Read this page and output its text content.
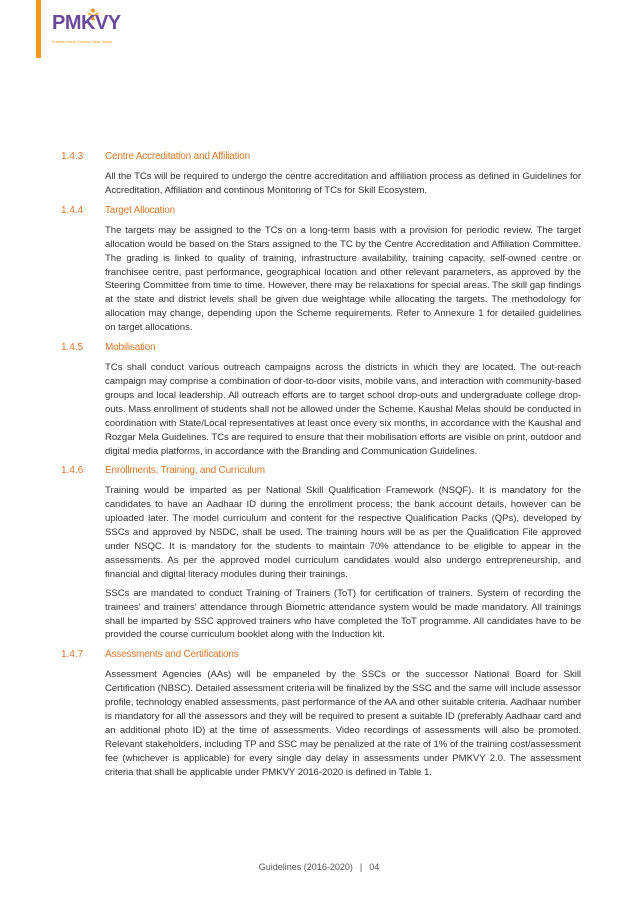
PMKVY
Pradhan Mantri Kaushal Vikas Yojana
1.4.3	Centre Accreditation and Affiliation

All the TCs will be required to undergo the centre accreditation and affiliation process as defined in Guidelines for Accreditation, Affiliation and continous Monitoring of TCs for Skill Ecosystem.

1.4.4	Target Allocation

The targets may be assigned to the TCs on a long-term basis with a provision for periodic review. The target allocation would be based on the Stars assigned to the TC by the Centre Accreditation and Affiliation Committee. The grading is linked to quality of training, infrastructure availability, training capacity, self-owned centre or franchisee centre, past performance, geographical location and other relevant parameters, as approved by the Steering Committee from time to time. However, there may be relaxations for special areas. The skill gap findings at the state and district levels shall be given due weightage while allocating the targets. The methodology for allocation may change, depending upon the Scheme requirements. Refer to Annexure 1 for detailed guidelines on target allocations.

1.4.5	Mobilisation

TCs shall conduct various outreach campaigns across the districts in which they are located. The out-reach campaign may comprise a combination of door-to-door visits, mobile vans, and interaction with community-based groups and local leadership. All outreach efforts are to target school drop-outs and undergraduate college drop-outs. Mass enrollment of students shall not be allowed under the Scheme. Kaushal Melas should be conducted in coordination with State/Local representatives at least once every six months, in accordance with the Kaushal and Rozgar Mela Guidelines. TCs are required to ensure that their mobilisation efforts are visible on print, outdoor and digital media platforms, in accordance with the Branding and Communication Guidelines.

1.4.6	Enrollments, Training, and Curriculum

Training would be imparted as per National Skill Qualification Framework (NSQF). It is mandatory for the candidates to have an Aadhaar ID during the enrollment process; the bank account details, however can be uploaded later. The model curriculum and content for the respective Qualification Packs (QPs), developed by SSCs and approved by NSDC, shall be used. The training hours will be as per the Qualification File approved under NSQC. It is mandatory for the students to maintain 70% attendance to be eligible to appear in the assessments. As per the approved model curriculum candidates would also undergo entrepreneurship, and financial and digital literacy modules during their trainings.

SSCs are mandated to conduct Training of Trainers (ToT) for certification of trainers. System of recording the trainees' and trainers' attendance through Biometric attendance system would be made mandatory. All trainings shall be imparted by SSC approved trainers who have completed the ToT programme. All candidates have to be provided the course curriculum booklet along with the Induction kit.

1.4.7	Assessments and Certifications

Assessment Agencies (AAs) will be empaneled by the SSCs or the successor National Board for Skill Certification (NBSC). Detailed assessment criteria will be finalized by the SSC and the same will include assessor profile, technology enabled assessments, past performance of the AA and other suitable criteria. Aadhaar number is mandatory for all the assessors and they will be required to present a suitable ID (preferably Aadhaar card and an additional photo ID) at the time of assessments. Video recordings of assessments will also be promoted. Relevant stakeholders, including TP and SSC may be penalized at the rate of 1% of the training cost/assessment fee (whichever is applicable) for every single day delay in assessments under PMKVY 2.0. The assessment criteria that shall be applicable under PMKVY 2016-2020 is defined in Table 1.

Guidelines (2016-2020) | 04
